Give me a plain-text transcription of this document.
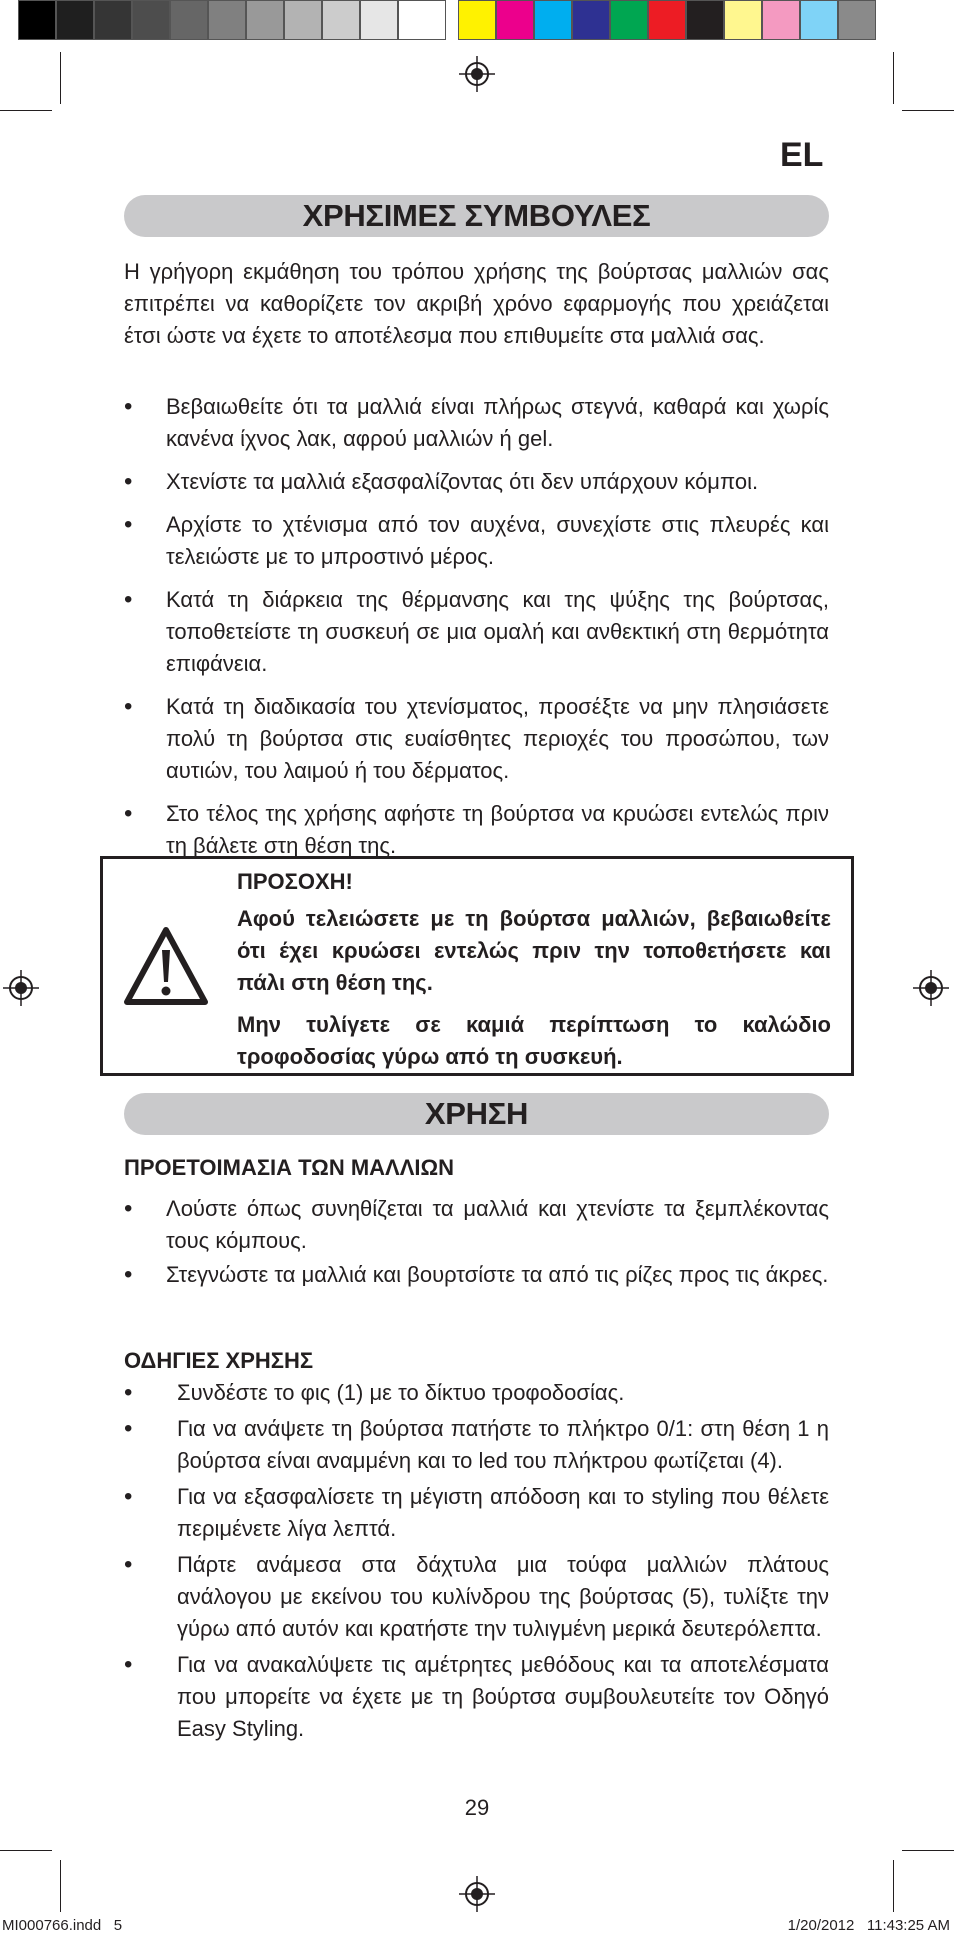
EL
ΧΡΗΣΙΜΕΣ ΣΥΜΒΟΥΛΕΣ

Η γρήγορη εκμάθηση του τρόπου χρήσης της βούρτσας μαλλιών σας επιτρέπει να καθορίζετε τον ακριβή χρόνο εφαρμογής που χρειάζεται έτσι ώστε να έχετε το αποτέλεσμα που επιθυμείτε στα μαλλιά σας.

• Βεβαιωθείτε ότι τα μαλλιά είναι πλήρως στεγνά, καθαρά και χωρίς κανένα ίχνος λακ, αφρού μαλλιών ή gel.
• Χτενίστε τα μαλλιά εξασφαλίζοντας ότι δεν υπάρχουν κόμποι.
• Αρχίστε το χτένισμα από τον αυχένα, συνεχίστε στις πλευρές και τελειώστε με το μπροστινό μέρος.
• Κατά τη διάρκεια της θέρμανσης και της ψύξης της βούρτσας, τοποθετείστε τη συσκευή σε μια ομαλή και ανθεκτική στη θερμότητα επιφάνεια.
• Κατά τη διαδικασία του χτενίσματος, προσέξτε να μην πλησιάσετε πολύ τη βούρτσα στις ευαίσθητες περιοχές του προσώπου, των αυτιών, του λαιμού ή του δέρματος.
• Στο τέλος της χρήσης αφήστε τη βούρτσα να κρυώσει εντελώς πριν τη βάλετε στη θέση της.
ΠΡΟΣΟΧΗ!

Αφού τελειώσετε με τη βούρτσα μαλλιών, βεβαιωθείτε ότι έχει κρυώσει εντελώς πριν την τοποθετήσετε και πάλι στη θέση της.

Μην τυλίγετε σε καμιά περίπτωση το καλώδιο τροφοδοσίας γύρω από τη συσκευή.

ΧΡΗΣΗ
ΠΡΟΕΤΟΙΜΑΣΙΑ ΤΩΝ ΜΑΛΛΙΩΝ
• Λούστε όπως συνηθίζεται τα μαλλιά και χτενίστε τα ξεμπλέκοντας τους κόμπους.
• Στεγνώστε τα μαλλιά και βουρτσίστε τα από τις ρίζες προς τις άκρες.
ΟΔΗΓΙΕΣ ΧΡΗΣΗΣ
• Συνδέστε το φις (1) με το δίκτυο τροφοδοσίας.
• Για να ανάψετε τη βούρτσα πατήστε το πλήκτρο 0/1: στη θέση 1 η βούρτσα είναι αναμμένη και το led του πλήκτρου φωτίζεται (4).
• Για να εξασφαλίσετε τη μέγιστη απόδοση και το styling που θέλετε περιμένετε λίγα λεπτά.
• Πάρτε ανάμεσα στα δάχτυλα μια τούφα μαλλιών πλάτους ανάλογου με εκείνου του κυλίνδρου της βούρτσας (5), τυλίξτε την γύρω από αυτόν και κρατήστε την τυλιγμένη μερικά δευτερόλεπτα.
• Για να ανακαλύψετε τις αμέτρητες μεθόδους και τα αποτελέσματα που μπορείτε να έχετε με τη βούρτσα συμβουλευτείτε τον Οδηγό Easy Styling.
29
MI000766.indd   5	1/20/2012   11:43:25 AM
